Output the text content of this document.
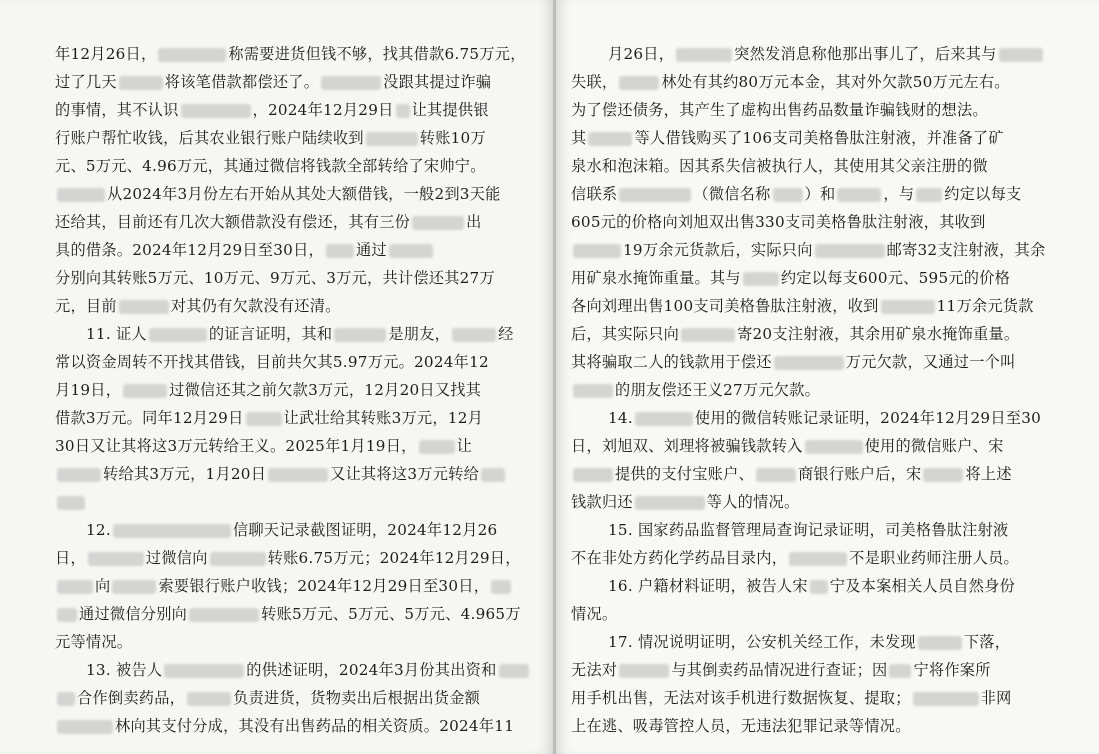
年12月26日，	称需要进货但钱不够，找其借款6.75万元，
过了几天	将该笔借款都偿还了。	没跟其提过诈骗
的事情，其不认识	，2024年12月29日 让其提供银
行账户帮忙收钱，后其农业银行账户陆续收到	转账10万
元、5万元、4.96万元，其通过微信将钱款全部转给了宋帅宁。
从2024年3月份左右开始从其处大额借钱，一般2到3天能
还给其，目前还有几次大额借款没有偿还，其有三份	出
具的借条。2024年12月29日至30日， 通过
分别向其转账5万元、10万元、9万元、3万元，共计偿还其27万
元，目前	对其仍有欠款没有还清。
11. 证人	的证言证明，其和	是朋友，	经
常以资金周转不开找其借钱，目前共欠其5.97万元。2024年12
月19日，	过微信还其之前欠款3万元，12月20日又找其
借款3万元。同年12月29日	让武壮给其转账3万元，12月
30日又让其将这3万元转给王义。2025年1月19日，	让
转给其3万元，1月20日	又让其将这3万元转给
12.	信聊天记录截图证明，2024年12月26
日，	过微信向	转账6.75万元；2024年12月29日，
向	索要银行账户收钱；2024年12月29日至30日，
通过微信分别向	转账5万元、5万元、5万元、4.965万
元等情况。
13. 被告人	的供述证明，2024年3月份其出资和
合作倒卖药品，	负责进货，货物卖出后根据出货金额
林向其支付分成，其没有出售药品的相关资质。2024年11
月26日，	突然发消息称他那出事儿了，后来其与
失联，	林处有其约80万元本金，其对外欠款50万元左右。
为了偿还债务，其产生了虚构出售药品数量诈骗钱财的想法。
其	等人借钱购买了106支司美格鲁肽注射液，并准备了矿
泉水和泡沫箱。因其系失信被执行人，其使用其父亲注册的微
信联系	（微信名称 ）和	，与 约定以每支
605元的价格向刘旭双出售330支司美格鲁肽注射液，其收到
19万余元货款后，实际只向	邮寄32支注射液，其余
用矿泉水掩饰重量。其与	约定以每支600元、595元的价格
各向刘理出售100支司美格鲁肽注射液，收到	11万余元货款
后，其实际只向	寄20支注射液，其余用矿泉水掩饰重量。
其将骗取二人的钱款用于偿还	万元欠款，又通过一个叫
的朋友偿还王义27万元欠款。
14.	使用的微信转账记录证明，2024年12月29日至30
日，刘旭双、刘理将被骗钱款转入	使用的微信账户、宋
提供的支付宝账户、	商银行账户后，宋	将上述
钱款归还	等人的情况。
15. 国家药品监督管理局查询记录证明，司美格鲁肽注射液
不在非处方药化学药品目录内，	不是职业药师注册人员。
16. 户籍材料证明，被告人宋 宁及本案相关人员自然身份
情况。
17. 情况说明证明，公安机关经工作，未发现	下落，
无法对	与其倒卖药品情况进行查证；因 宁将作案所
用手机出售，无法对该手机进行数据恢复、提取；	非网
上在逃、吸毒管控人员，无违法犯罪记录等情况。
